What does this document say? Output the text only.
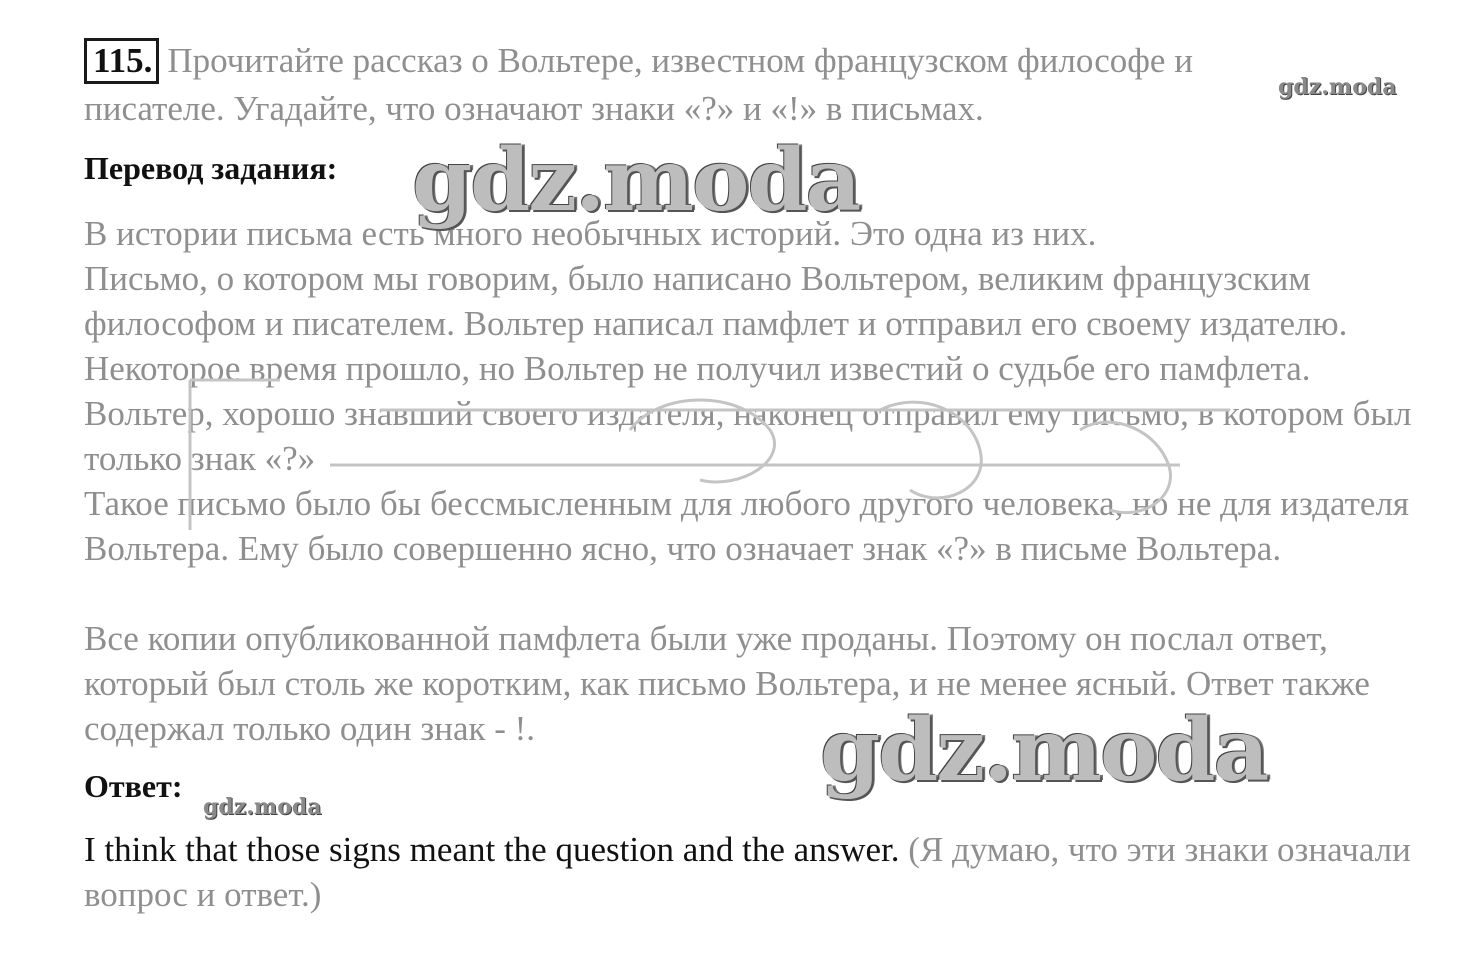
115. Прочитайте рассказ о Вольтере, известном французском философе и
писателе. Угадайте, что означают знаки «?» и «!» в письмах.
Перевод задания:

В истории письма есть много необычных историй. Это одна из них.

Письмо, о котором мы говорим, было написано Вольтером, великим французским философом и писателем. Вольтер написал памфлет и отправил его своему издателю. Некоторое время прошло, но Вольтер не получил известий о судьбе его памфлета. Вольтер, хорошо знавший своего издателя, наконец отправил ему письмо, в котором был только знак «?»

Такое письмо было бы бессмысленным для любого другого человека, но не для издателя Вольтера. Ему было совершенно ясно, что означает знак «?» в письме Вольтера.

Все копии опубликованной памфлета были уже проданы. Поэтому он послал ответ, который был столь же коротким, как письмо Вольтера, и не менее ясный. Ответ также содержал только один знак - !.

Ответ:

I think that those signs meant the question and the answer. (Я думаю, что эти знаки означали вопрос и ответ.)

gdz.moda
gdz.moda
gdz.moda
gdz.moda
